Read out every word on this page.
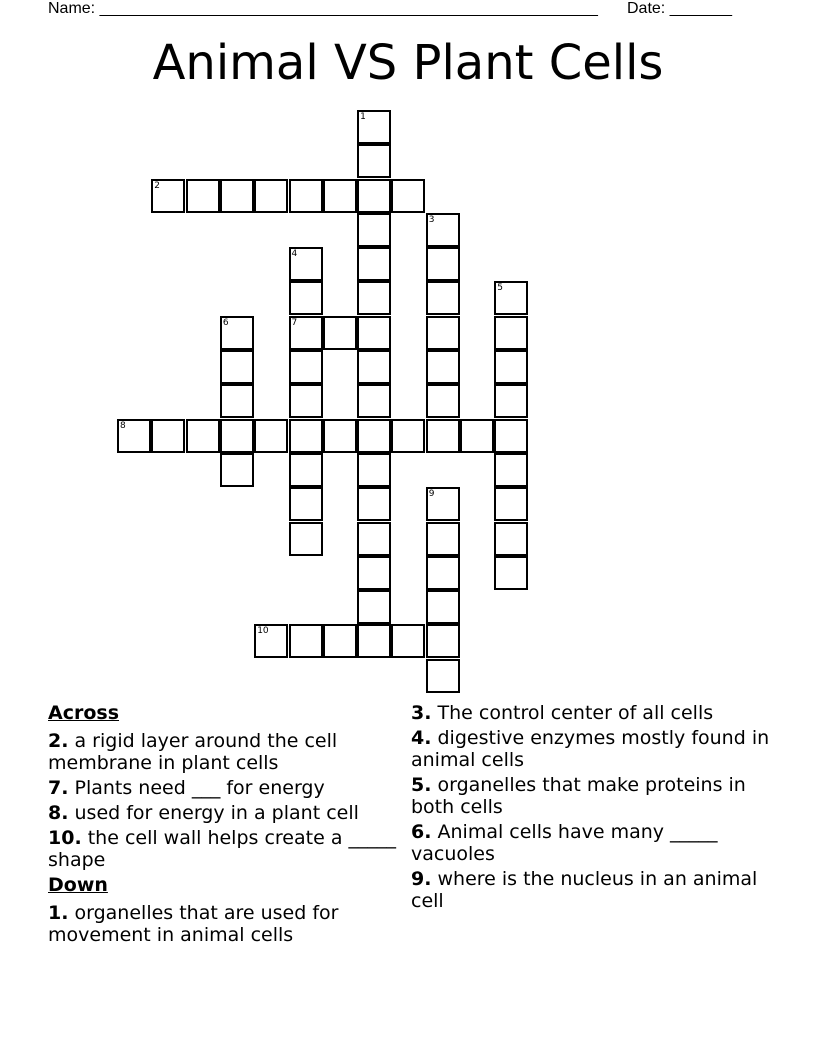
Name: ________________________________________________________ Date: _______
Animal VS Plant Cells
1
2
3
4
5
6	7
8
9
10
Across
2. a rigid layer around the cell membrane in plant cells
7. Plants need ___ for energy
8. used for energy in a plant cell
10. the cell wall helps create a _____ shape
Down
1. organelles that are used for movement in animal cells
3. The control center of all cells
4. digestive enzymes mostly found in animal cells
5. organelles that make proteins in both cells
6. Animal cells have many _____ vacuoles
9. where is the nucleus in an animal cell
